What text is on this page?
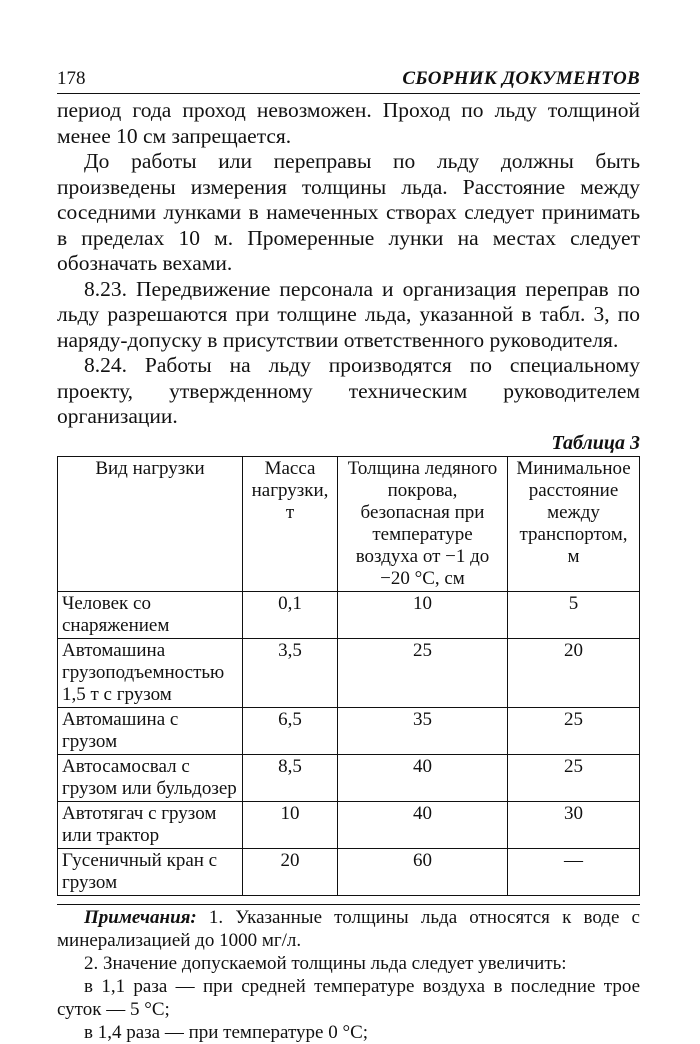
178	СБОРНИК ДОКУМЕНТОВ

период года проход невозможен. Проход по льду толщиной менее 10 см запрещается.

До работы или переправы по льду должны быть произведены измерения толщины льда. Расстояние между соседними лунками в намеченных створах следует принимать в пределах 10 м. Промеренные лунки на местах следует обозначать вехами.

8.23. Передвижение персонала и организация переправ по льду разрешаются при толщине льда, указанной в табл. 3, по наряду-допуску в присутствии ответственного руководителя.

8.24. Работы на льду производятся по специальному проекту, утвержденному техническим руководителем организации.

Таблица 3
Вид нагрузки	Масса нагрузки, т	Толщина ледяного покрова, безопасная при температуре воздуха от −1 до −20 °С, см	Минимальное расстояние между транспортом, м
Человек со снаряжением	0,1	10	5
Автомашина грузоподъемностью 1,5 т с грузом	3,5	25	20
Автомашина с грузом	6,5	35	25
Автосамосвал с грузом или бульдозер	8,5	40	25
Автотягач с грузом или трактор	10	40	30
Гусеничный кран с грузом	20	60	—

Примечания: 1. Указанные толщины льда относятся к воде с минерализацией до 1000 мг/л.

2. Значение допускаемой толщины льда следует увеличить:

в 1,1 раза — при средней температуре воздуха в последние трое суток — 5 °С;

в 1,4 раза — при температуре 0 °С;
